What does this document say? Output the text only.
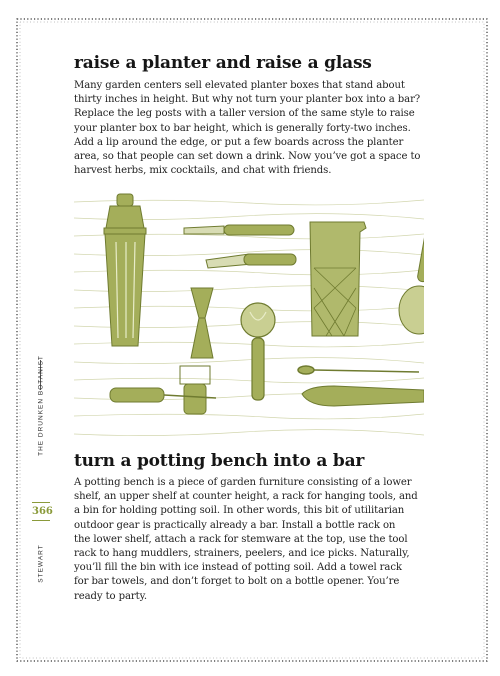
THE DRUNKEN BOTANIST
366
STEWART
raise a planter and raise a glass

Many garden centers sell elevated planter boxes that stand about
thirty inches in height. But why not turn your planter box into a bar?
Replace the leg posts with a taller version of the same style to raise
your planter box to bar height, which is generally forty-two inches.
Add a lip around the edge, or put a few boards across the planter
area, so that people can set down a drink. Now you’ve got a space to
harvest herbs, mix cocktails, and chat with friends.

turn a potting bench into a bar

A potting bench is a piece of garden furniture consisting of a lower
shelf, an upper shelf at counter height, a rack for hanging tools, and
a bin for holding potting soil. In other words, this bit of utilitarian
outdoor gear is practically already a bar. Install a bottle rack on
the lower shelf, attach a rack for stemware at the top, use the tool
rack to hang muddlers, strainers, peelers, and ice picks. Naturally,
you’ll fill the bin with ice instead of potting soil. Add a towel rack
for bar towels, and don’t forget to bolt on a bottle opener. You’re
ready to party.
